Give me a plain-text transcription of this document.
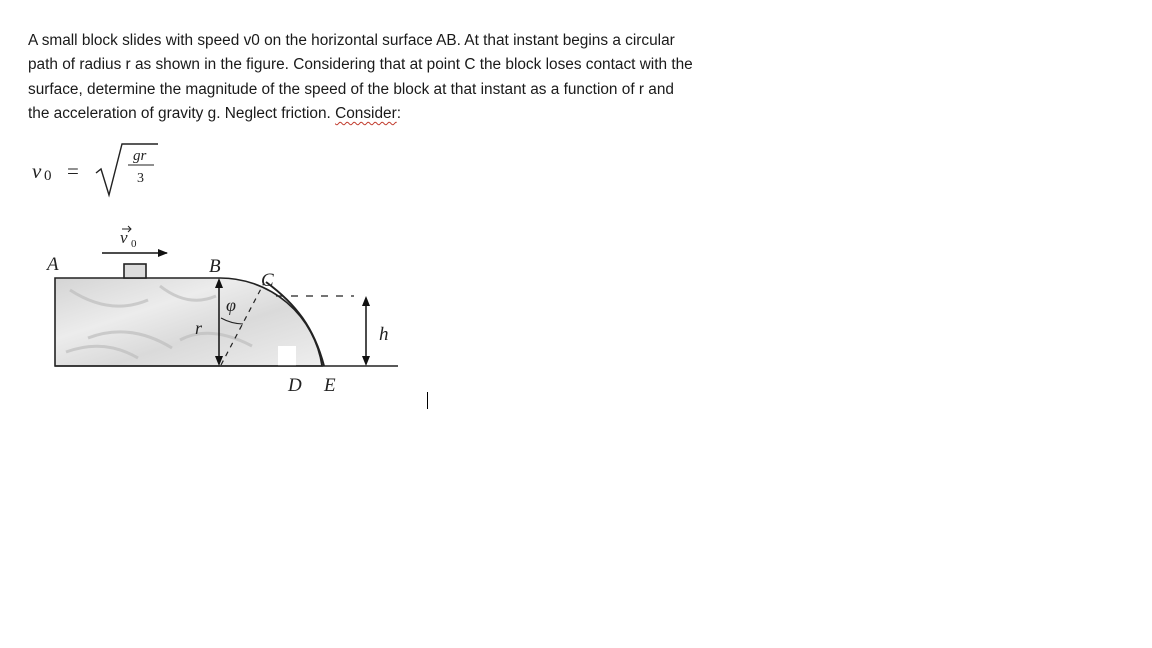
A small block slides with speed v0 on the horizontal surface AB. At that instant begins a circular
path of radius r as shown in the figure. Considering that at point C the block loses contact with the
surface, determine the magnitude of the speed of the block at that instant as a function of r and
the acceleration of gravity g. Neglect friction. Consider:
v 0 =
gr
3
v 0
A	B
C
D E
r
φ
h
